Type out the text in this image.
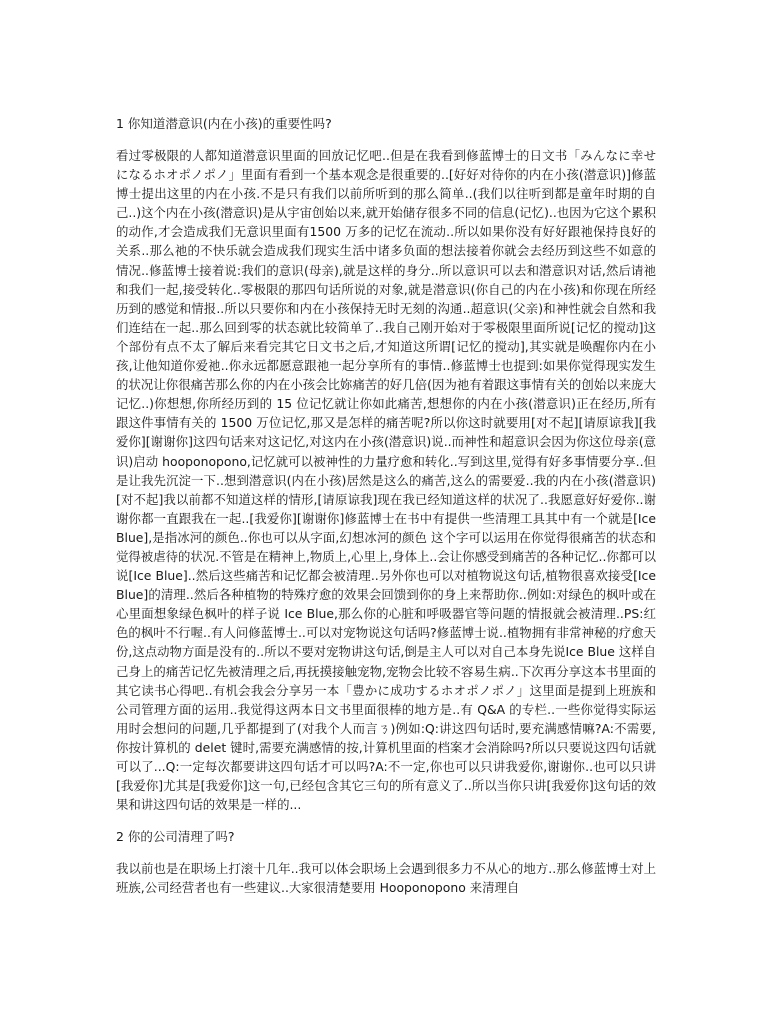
1 你知道潜意识(内在小孩)的重要性吗?
看过零极限的人都知道潜意识里面的回放记忆吧..但是在我看到修蓝博士的日文书「みんなに幸せになるホオポノポノ」里面有看到一个基本观念是很重要的..[好好对待你的内在小孩(潜意识)]修蓝博士提出这里的内在小孩.不是只有我们以前所听到的那么简单..(我们以往听到都是童年时期的自己..)这个内在小孩(潜意识)是从宇宙创始以来,就开始储存很多不同的信息(记忆)..也因为它这个累积的动作,才会造成我们无意识里面有1500 万多的记忆在流动..所以如果你没有好好跟祂保持良好的关系..那么祂的不快乐就会造成我们现实生活中诸多负面的想法接着你就会去经历到这些不如意的情况..修蓝博士接着说:我们的意识(母亲),就是这样的身分..所以意识可以去和潜意识对话,然后请祂和我们一起,接受转化..零极限的那四句话所说的对象,就是潜意识(你自己的内在小孩)和你现在所经历到的感觉和情报..所以只要你和内在小孩保持无时无刻的沟通..超意识(父亲)和神性就会自然和我们连结在一起..那么回到零的状态就比较简单了..我自己刚开始对于零极限里面所说[记忆的搅动]这个部份有点不太了解后来看完其它日文书之后,才知道这所谓[记忆的搅动],其实就是唤醒你内在小孩,让他知道你爱祂..你永远都愿意跟祂一起分享所有的事情..修蓝博士也提到:如果你觉得现实发生的状况让你很痛苦那么你的内在小孩会比妳痛苦的好几倍(因为祂有着跟这事情有关的创始以来庞大记忆..)你想想,你所经历到的 15 位记忆就让你如此痛苦,想想你的内在小孩(潜意识)正在经历,所有跟这件事情有关的 1500 万位记忆,那又是怎样的痛苦呢?所以你这时就要用[对不起][请原谅我][我爱你][谢谢你]这四句话来对这记忆,对这内在小孩(潜意识)说..而神性和超意识会因为你这位母亲(意识)启动 hooponopono,记忆就可以被神性的力量疗愈和转化..写到这里,觉得有好多事情要分享..但是让我先沉淀一下..想到潜意识(内在小孩)居然是这么的痛苦,这么的需要爱..我的内在小孩(潜意识)[对不起]我以前都不知道这样的情形,[请原谅我]现在我已经知道这样的状况了..我愿意好好爱你..谢谢你都一直跟我在一起..[我爱你][谢谢你]修蓝博士在书中有提供一些清理工具其中有一个就是[Ice Blue],是指冰河的颜色..你也可以从字面,幻想冰河的颜色 这个字可以运用在你觉得很痛苦的状态和觉得被虐待的状况.不管是在精神上,物质上,心里上,身体上..会让你感受到痛苦的各种记忆..你都可以说[Ice Blue]..然后这些痛苦和记忆都会被清理..另外你也可以对植物说这句话,植物很喜欢接受[Ice Blue]的清理..然后各种植物的特殊疗愈的效果会回馈到你的身上来帮助你..例如:对绿色的枫叶或在心里面想象绿色枫叶的样子说 Ice Blue,那么你的心脏和呼吸器官等问题的情报就会被清理..PS:红色的枫叶不行喔..有人问修蓝博士..可以对宠物说这句话吗?修蓝博士说..植物拥有非常神秘的疗愈天份,这点动物方面是没有的..所以不要对宠物讲这句话,倒是主人可以对自己本身先说Ice Blue 这样自己身上的痛苦记忆先被清理之后,再抚摸接触宠物,宠物会比较不容易生病..下次再分享这本书里面的其它读书心得吧..有机会我会分享另一本「豊かに成功するホオポノポノ」这里面是提到上班族和公司管理方面的运用..我觉得这两本日文书里面很棒的地方是..有 Q&A 的专栏..一些你觉得实际运用时会想问的问题,几乎都提到了(对我个人而言ㄋ)例如:Q:讲这四句话时,要充满感情嘛?A:不需要,你按计算机的 delet 键时,需要充满感情的按,计算机里面的档案才会消除吗?所以只要说这四句话就可以了...Q:一定每次都要讲这四句话才可以吗?A:不一定,你也可以只讲我爱你,谢谢你..也可以只讲[我爱你]尤其是[我爱你]这一句,已经包含其它三句的所有意义了..所以当你只讲[我爱你]这句话的效果和讲这四句话的效果是一样的...
2 你的公司清理了吗?
我以前也是在职场上打滚十几年..我可以体会职场上会遇到很多力不从心的地方..那么修蓝博士对上班族,公司经营者也有一些建议..大家很清楚要用 Hooponopono 来清理自
